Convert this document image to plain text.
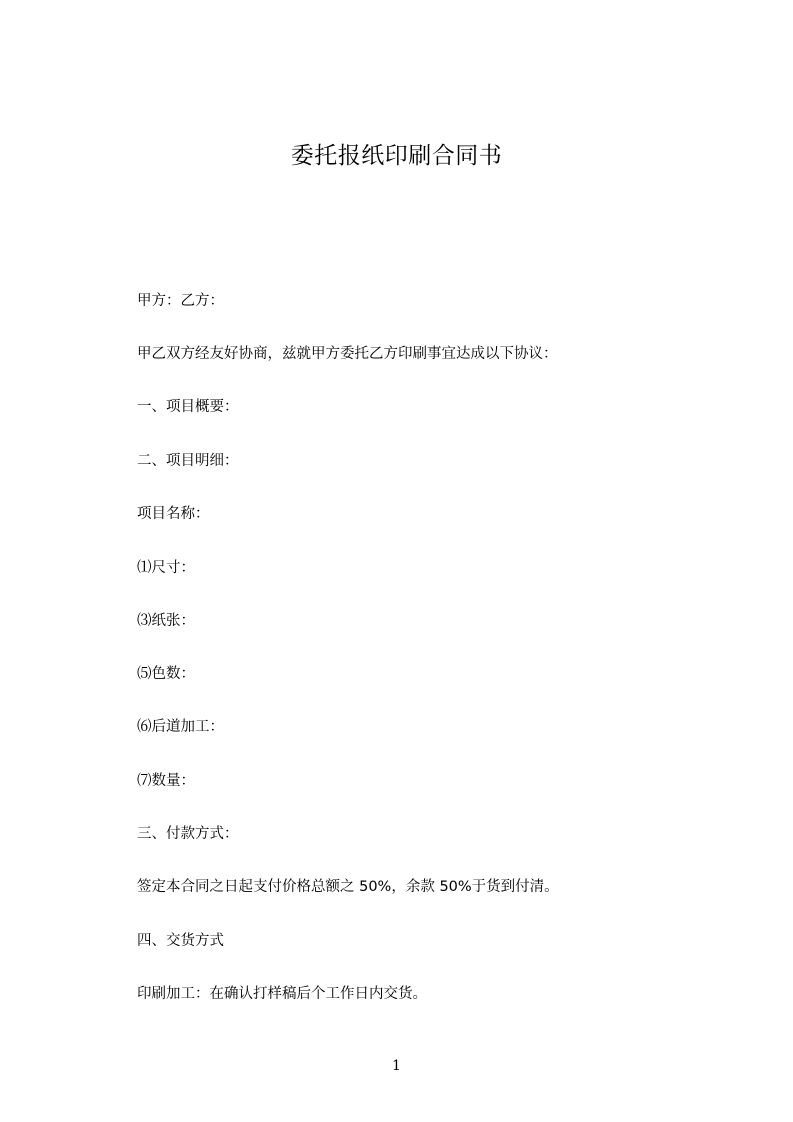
委托报纸印刷合同书
甲方：乙方：
甲乙双方经友好协商，兹就甲方委托乙方印刷事宜达成以下协议：
一、项目概要：
二、项目明细：
项目名称：
⑴尺寸：
⑶纸张：
⑸色数：
⑹后道加工：
⑺数量：
三、付款方式：
签定本合同之日起支付价格总额之 50%，余款 50%于货到付清。
四、交货方式
印刷加工：在确认打样稿后个工作日内交货。
1
